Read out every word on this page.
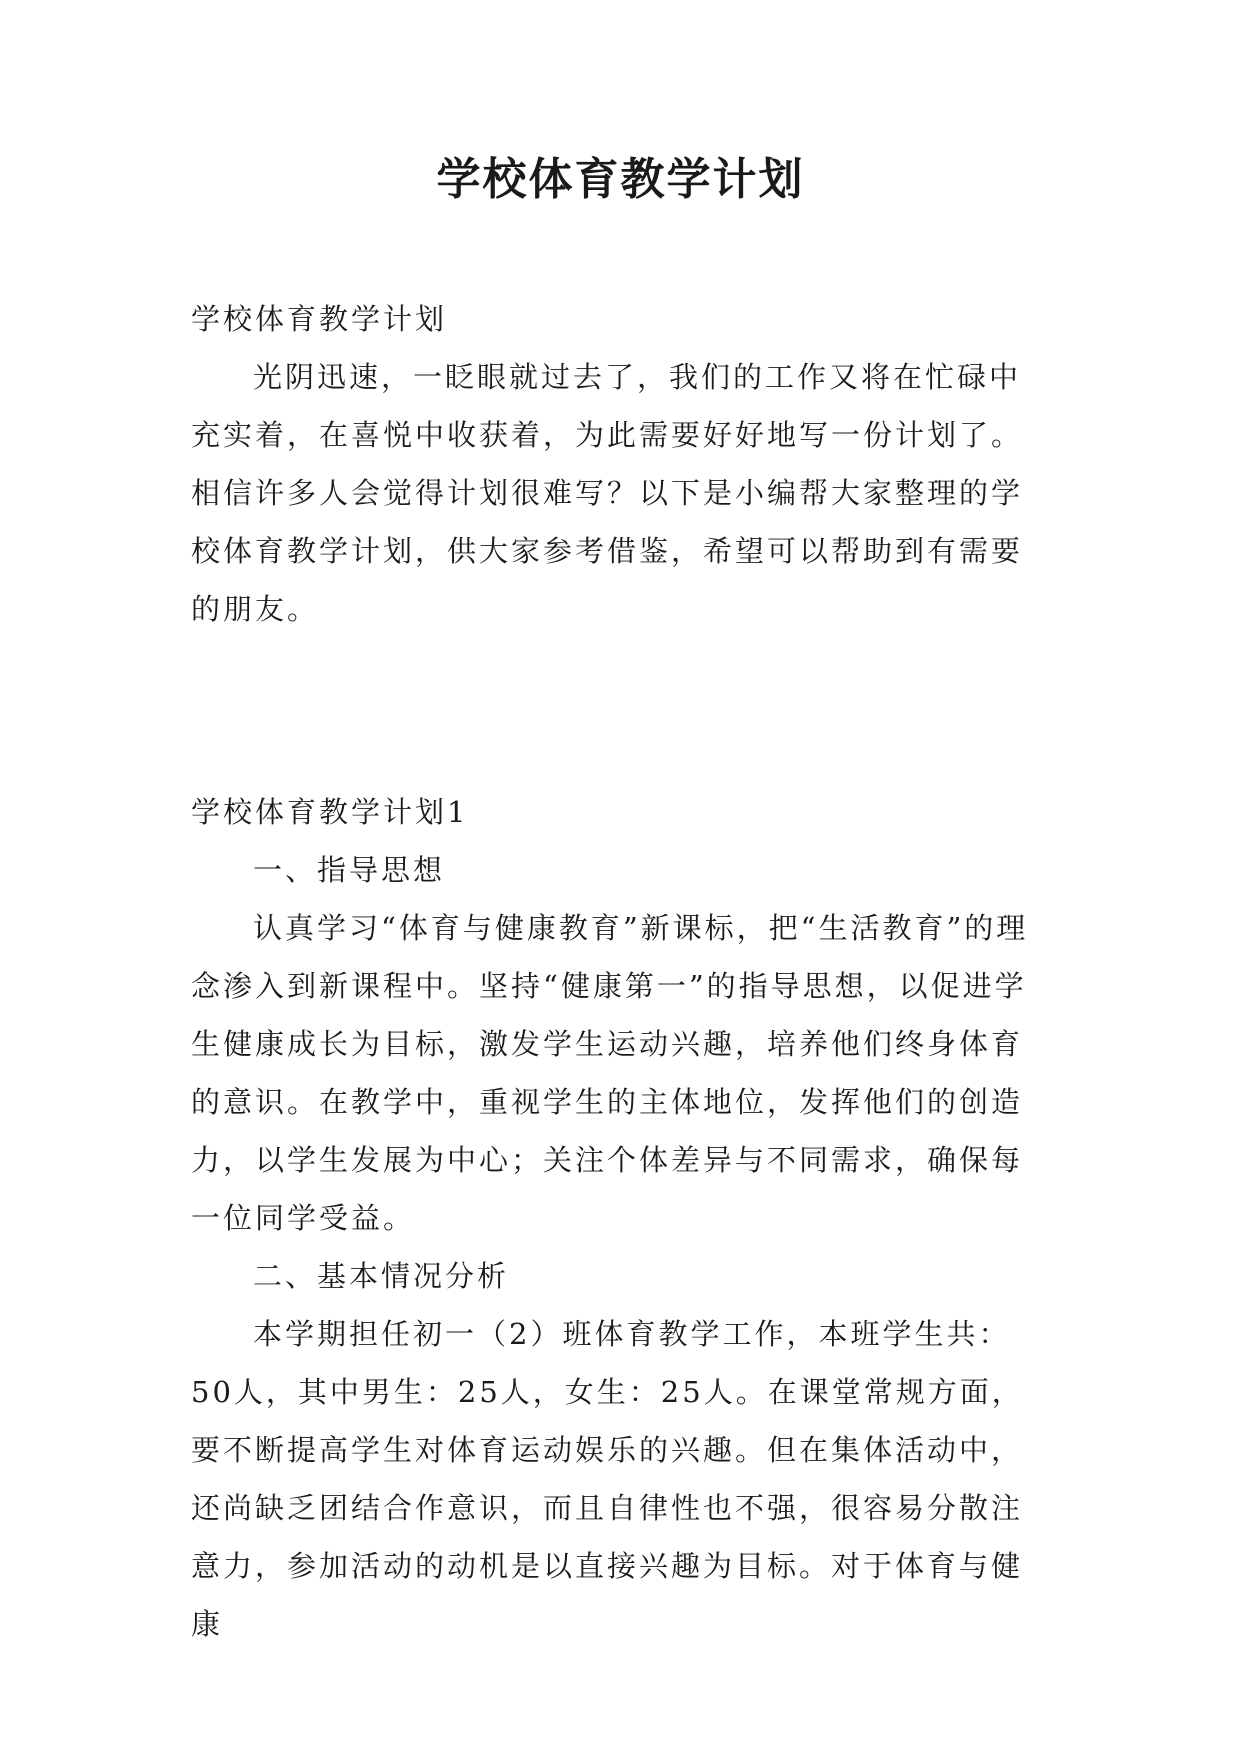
学校体育教学计划

学校体育教学计划

光阴迅速，一眨眼就过去了，我们的工作又将在忙碌中充实着，在喜悦中收获着，为此需要好好地写一份计划了。相信许多人会觉得计划很难写？以下是小编帮大家整理的学校体育教学计划，供大家参考借鉴，希望可以帮助到有需要的朋友。

学校体育教学计划1

一、指导思想

认真学习“体育与健康教育”新课标，把“生活教育”的理念渗入到新课程中。坚持“健康第一”的指导思想，以促进学生健康成长为目标，激发学生运动兴趣，培养他们终身体育的意识。在教学中，重视学生的主体地位，发挥他们的创造力，以学生发展为中心；关注个体差异与不同需求，确保每一位同学受益。

二、基本情况分析

本学期担任初一（2）班体育教学工作，本班学生共：50人，其中男生：25人，女生：25人。在课堂常规方面，要不断提高学生对体育运动娱乐的兴趣。但在集体活动中，还尚缺乏团结合作意识，而且自律性也不强，很容易分散注意力，参加活动的动机是以直接兴趣为目标。对于体育与健康
